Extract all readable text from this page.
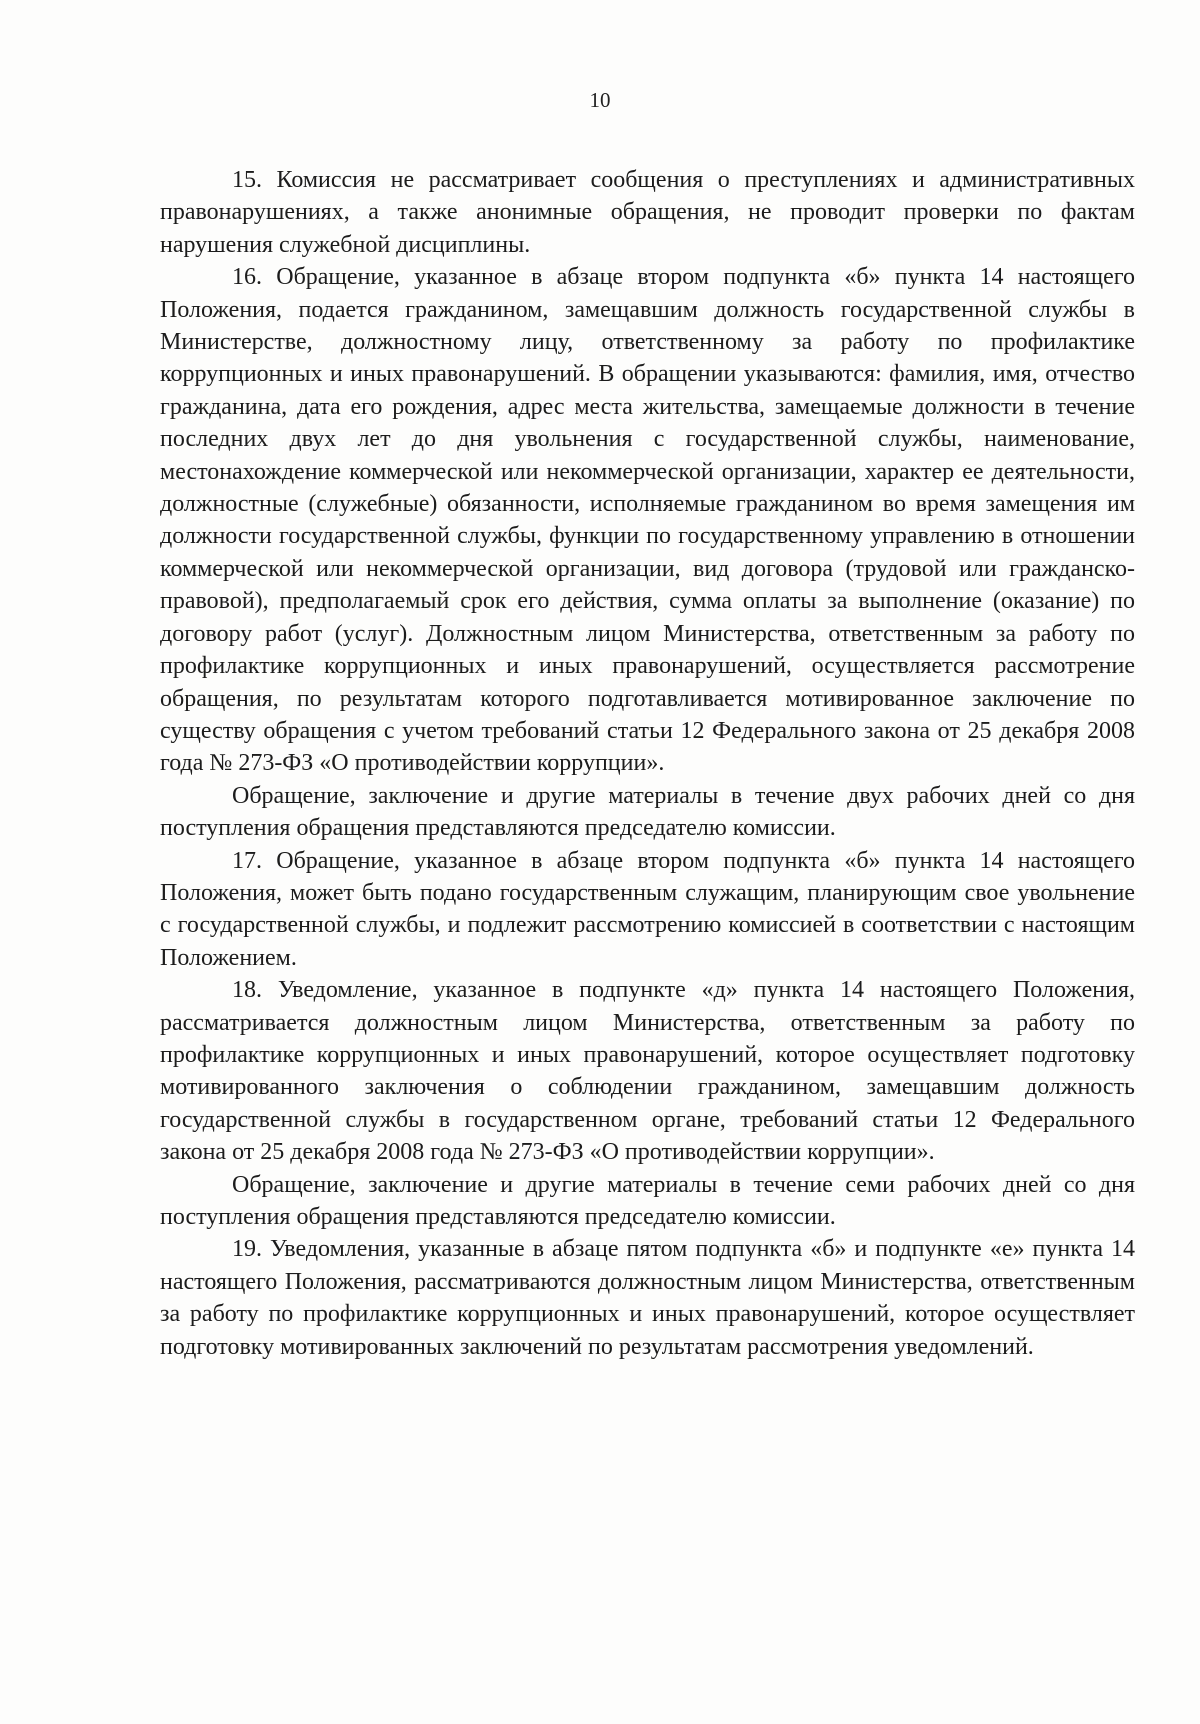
10

15. Комиссия не рассматривает сообщения о преступлениях и административных правонарушениях, а также анонимные обращения, не проводит проверки по фактам нарушения служебной дисциплины.

16. Обращение, указанное в абзаце втором подпункта «б» пункта 14 настоящего Положения, подается гражданином, замещавшим должность государственной службы в Министерстве, должностному лицу, ответственному за работу по профилактике коррупционных и иных правонарушений. В обращении указываются: фамилия, имя, отчество гражданина, дата его рождения, адрес места жительства, замещаемые должности в течение последних двух лет до дня увольнения с государственной службы, наименование, местонахождение коммерческой или некоммерческой организации, характер ее деятельности, должностные (служебные) обязанности, исполняемые гражданином во время замещения им должности государственной службы, функции по государственному управлению в отношении коммерческой или некоммерческой организации, вид договора (трудовой или гражданско-правовой), предполагаемый срок его действия, сумма оплаты за выполнение (оказание) по договору работ (услуг). Должностным лицом Министерства, ответственным за работу по профилактике коррупционных и иных правонарушений, осуществляется рассмотрение обращения, по результатам которого подготавливается мотивированное заключение по существу обращения с учетом требований статьи 12 Федерального закона от 25 декабря 2008 года № 273-ФЗ «О противодействии коррупции».

Обращение, заключение и другие материалы в течение двух рабочих дней со дня поступления обращения представляются председателю комиссии.

17. Обращение, указанное в абзаце втором подпункта «б» пункта 14 настоящего Положения, может быть подано государственным служащим, планирующим свое увольнение с государственной службы, и подлежит рассмотрению комиссией в соответствии с настоящим Положением.

18. Уведомление, указанное в подпункте «д» пункта 14 настоящего Положения, рассматривается должностным лицом Министерства, ответственным за работу по профилактике коррупционных и иных правонарушений, которое осуществляет подготовку мотивированного заключения о соблюдении гражданином, замещавшим должность государственной службы в государственном органе, требований статьи 12 Федерального закона от 25 декабря 2008 года № 273-ФЗ «О противодействии коррупции».

Обращение, заключение и другие материалы в течение семи рабочих дней со дня поступления обращения представляются председателю комиссии.

19. Уведомления, указанные в абзаце пятом подпункта «б» и подпункте «е» пункта 14 настоящего Положения, рассматриваются должностным лицом Министерства, ответственным за работу по профилактике коррупционных и иных правонарушений, которое осуществляет подготовку мотивированных заключений по результатам рассмотрения уведомлений.
